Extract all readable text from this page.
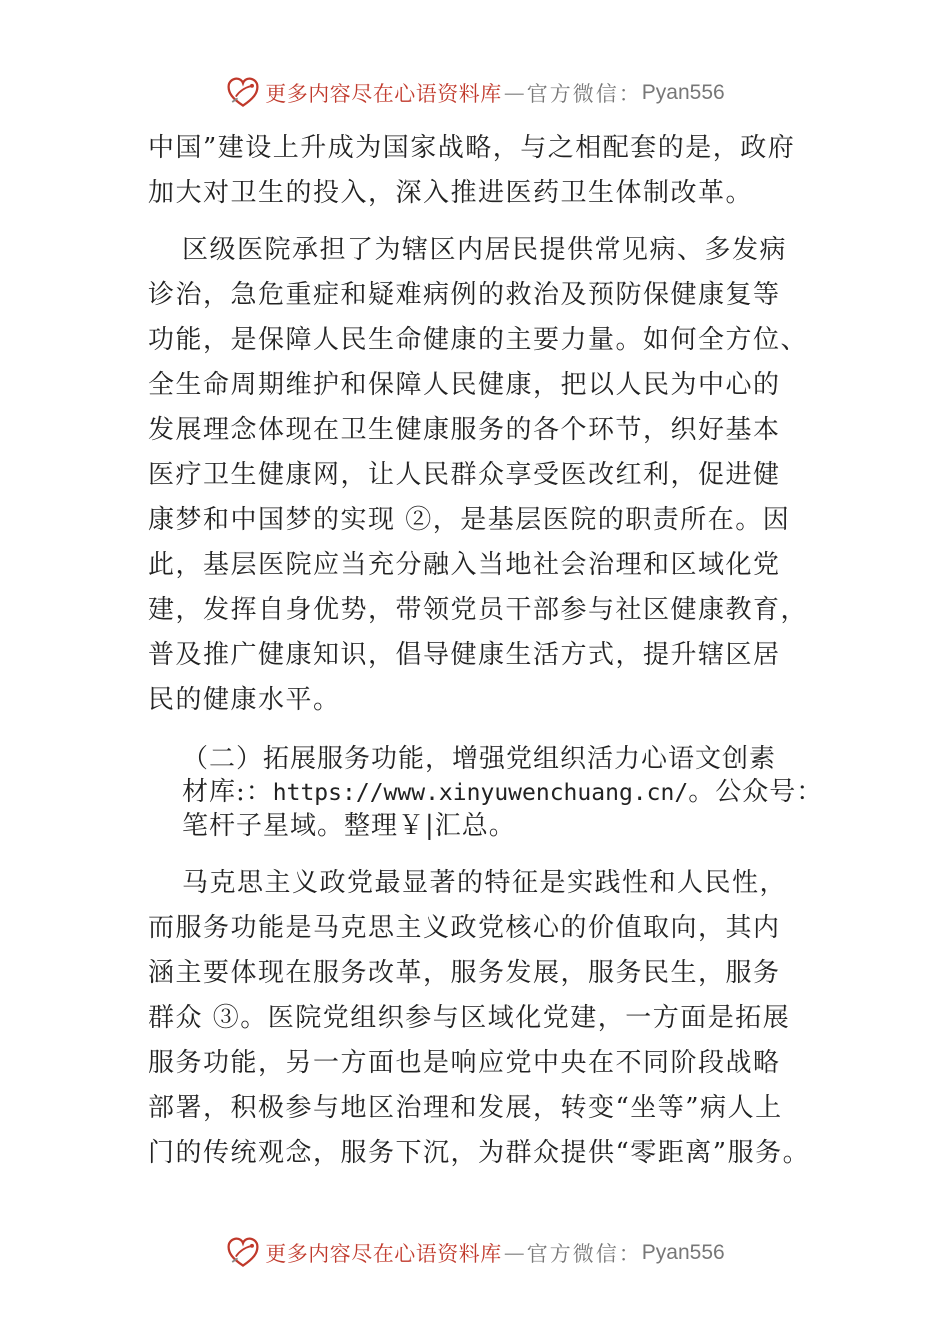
更多内容尽在心语资料库 — 官方微信： Pyan556

中国”建设上升成为国家战略，与之相配套的是，政府
加大对卫生的投入，深入推进医药卫生体制改革。

区级医院承担了为辖区内居民提供常见病、多发病
诊治，急危重症和疑难病例的救治及预防保健康复等
功能，是保障人民生命健康的主要力量。如何全方位、
全生命周期维护和保障人民健康，把以人民为中心的
发展理念体现在卫生健康服务的各个环节，织好基本
医疗卫生健康网，让人民群众享受医改红利，促进健
康梦和中国梦的实现 ②，是基层医院的职责所在。因
此，基层医院应当充分融入当地社会治理和区域化党
建，发挥自身优势，带领党员干部参与社区健康教育，
普及推广健康知识，倡导健康生活方式，提升辖区居
民的健康水平。

（二）拓展服务功能，增强党组织活力心语文创素
材库:：https://www.xinyuwenchuang.cn/。公众号：
笔杆子星域。整理￥|汇总。

马克思主义政党最显著的特征是实践性和人民性，
而服务功能是马克思主义政党核心的价值取向，其内
涵主要体现在服务改革，服务发展，服务民生，服务
群众 ③。医院党组织参与区域化党建，一方面是拓展
服务功能，另一方面也是响应党中央在不同阶段战略
部署，积极参与地区治理和发展，转变“坐等”病人上
门的传统观念，服务下沉，为群众提供“零距离”服务。

更多内容尽在心语资料库 — 官方微信： Pyan556
